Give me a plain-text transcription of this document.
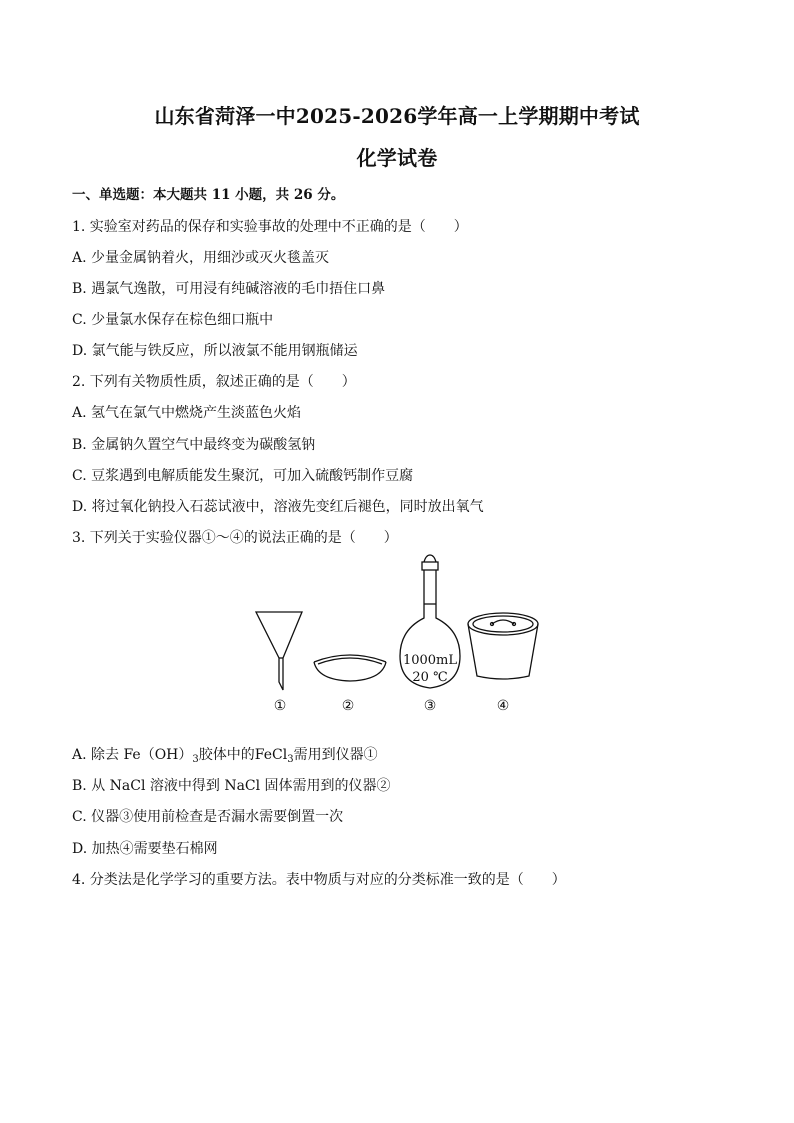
山东省菏泽一中2025-2026学年高一上学期期中考试
化学试卷
一、单选题：本大题共 11 小题，共 26 分。
1. 实验室对药品的保存和实验事故的处理中不正确的是（　　）
A. 少量金属钠着火，用细沙或灭火毯盖灭
B. 遇氯气逸散，可用浸有纯碱溶液的毛巾捂住口鼻
C. 少量氯水保存在棕色细口瓶中
D. 氯气能与铁反应，所以液氯不能用钢瓶储运
2. 下列有关物质性质，叙述正确的是（　　）
A. 氢气在氯气中燃烧产生淡蓝色火焰
B. 金属钠久置空气中最终变为碳酸氢钠
C. 豆浆遇到电解质能发生聚沉，可加入硫酸钙制作豆腐
D. 将过氧化钠投入石蕊试液中，溶液先变红后褪色，同时放出氧气
3. 下列关于实验仪器①～④的说法正确的是（　　）
1000mL
20 ℃
①	②	③	④
A. 除去 $Fe(OH)_3$胶体中的FeCl$_3$需用到仪器①
B. 从 NaCl 溶液中得到 NaCl 固体需用到的仪器②
C. 仪器③使用前检查是否漏水需要倒置一次
D. 加热④需要垫石棉网
4. 分类法是化学学习的重要方法。表中物质与对应的分类标准一致的是（　　）
